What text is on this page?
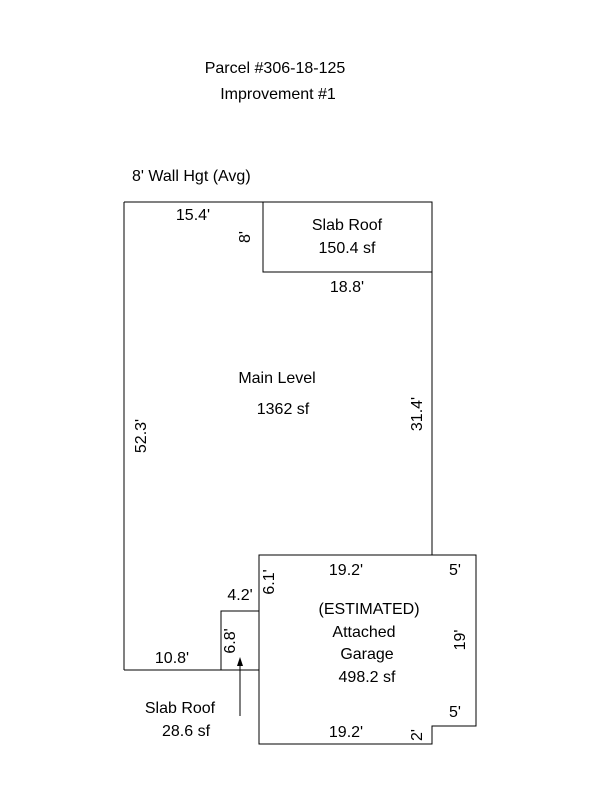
Parcel #306-18-125
Improvement #1
8' Wall Hgt (Avg)
Main Level
1362 sf
Slab Roof
150.4 sf
Slab Roof
28.6 sf
(ESTIMATED)
Attached
Garage
498.2 sf
15.4'
18.8'
10.8'
4.2'
19.2'	5'
5'
19.2'
8'
31.4'
52.3'
6.1'
6.8'	19'
2'
